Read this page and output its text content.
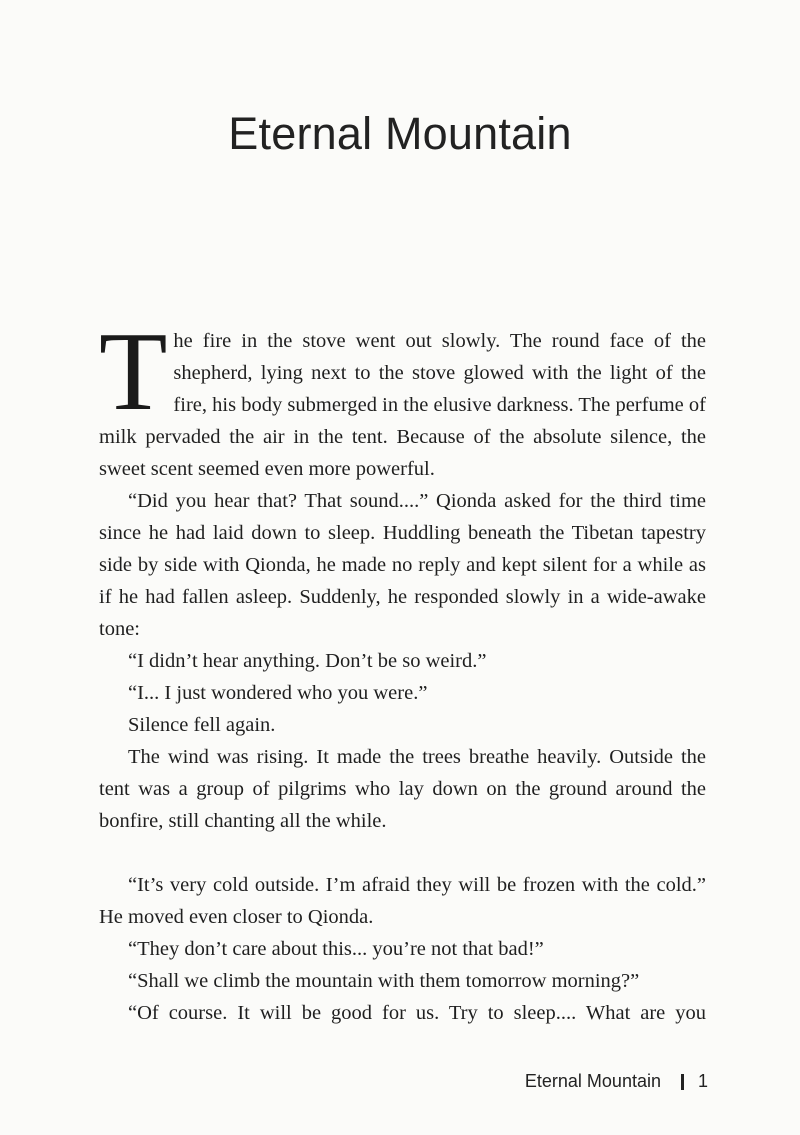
Eternal Mountain

The fire in the stove went out slowly. The round face of the shepherd, lying next to the stove glowed with the light of the fire, his body submerged in the elusive darkness. The perfume of milk pervaded the air in the tent. Because of the absolute silence, the sweet scent seemed even more powerful.

“Did you hear that? That sound....” Qionda asked for the third time since he had laid down to sleep. Huddling beneath the Tibetan tapestry side by side with Qionda, he made no reply and kept silent for a while as if he had fallen asleep. Suddenly, he responded slowly in a wide-awake tone:

“I didn’t hear anything. Don’t be so weird.”

“I... I just wondered who you were.”

Silence fell again.

The wind was rising. It made the trees breathe heavily. Outside the tent was a group of pilgrims who lay down on the ground around the bonfire, still chanting all the while.

“It’s very cold outside. I’m afraid they will be frozen with the cold.” He moved even closer to Qionda.

“They don’t care about this... you’re not that bad!”

“Shall we climb the mountain with them tomorrow morning?”

“Of course. It will be good for us. Try to sleep.... What are you

Eternal Mountain 1
